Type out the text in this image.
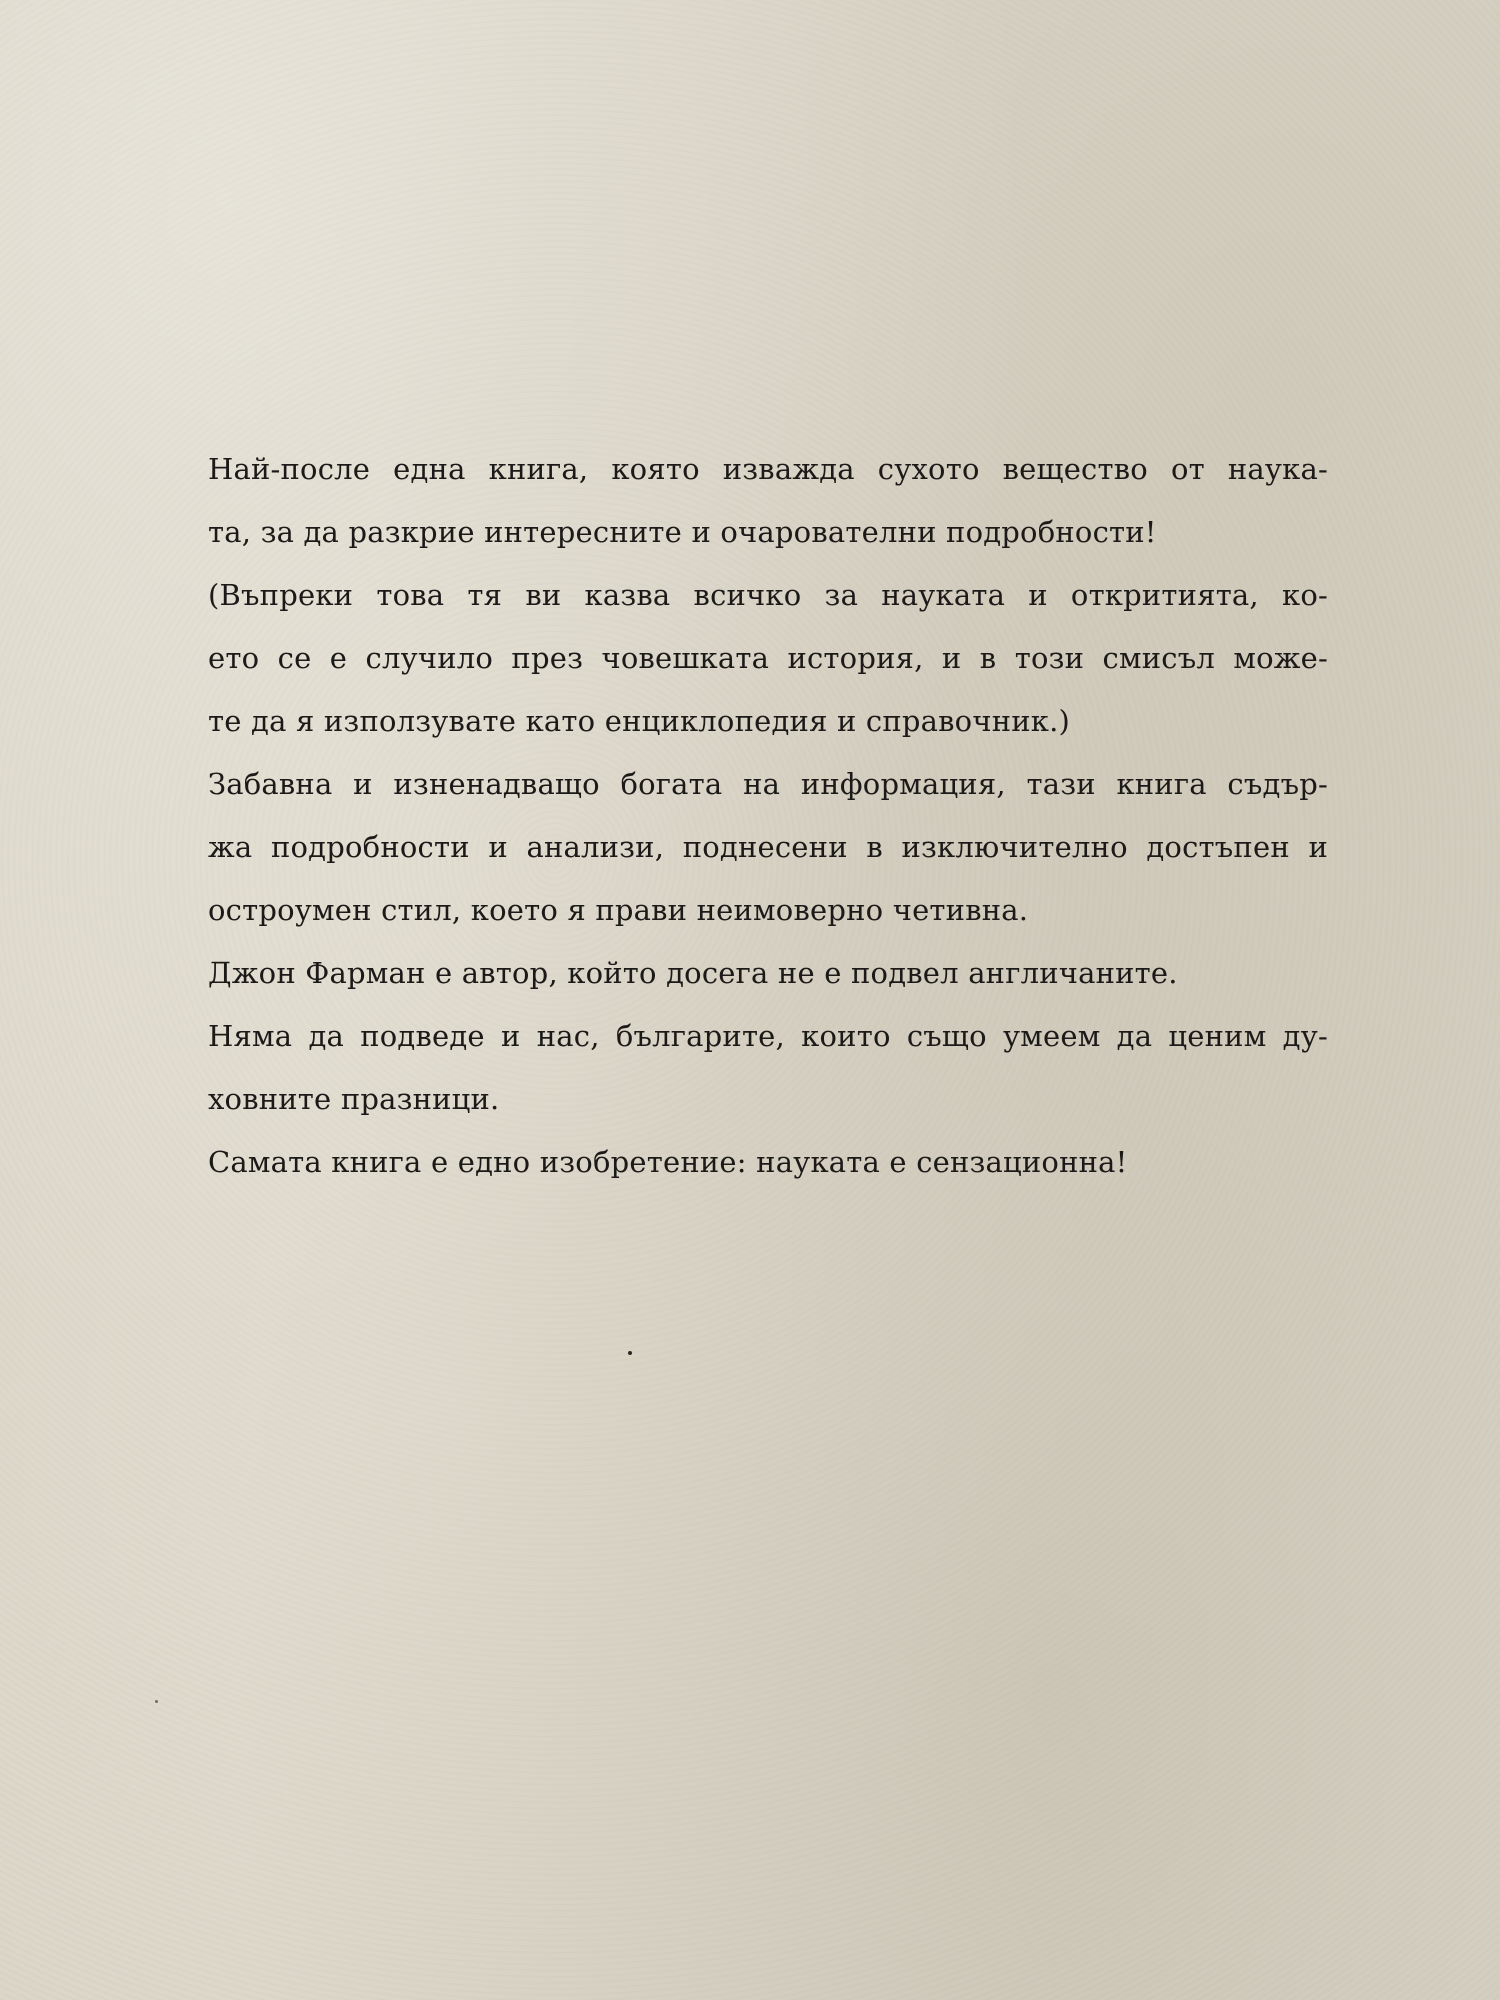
Най-после една книга, която изважда сухото вещество от наука-
та, за да разкрие интересните и очарователни подробности!
(Въпреки това тя ви казва всичко за науката и откритията, ко-
ето се е случило през човешката история, и в този смисъл може-
те да я използувате като енциклопедия и справочник.)
Забавна и изненадващо богата на информация, тази книга съдър-
жа подробности и анализи, поднесени в изключително достъпен и
остроумен стил, което я прави неимоверно четивна.
Джон Фарман е автор, който досега не е подвел англичаните.
Няма да подведе и нас, българите, които също умеем да ценим ду-
ховните празници.
Самата книга е едно изобретение: науката е сензационна!
